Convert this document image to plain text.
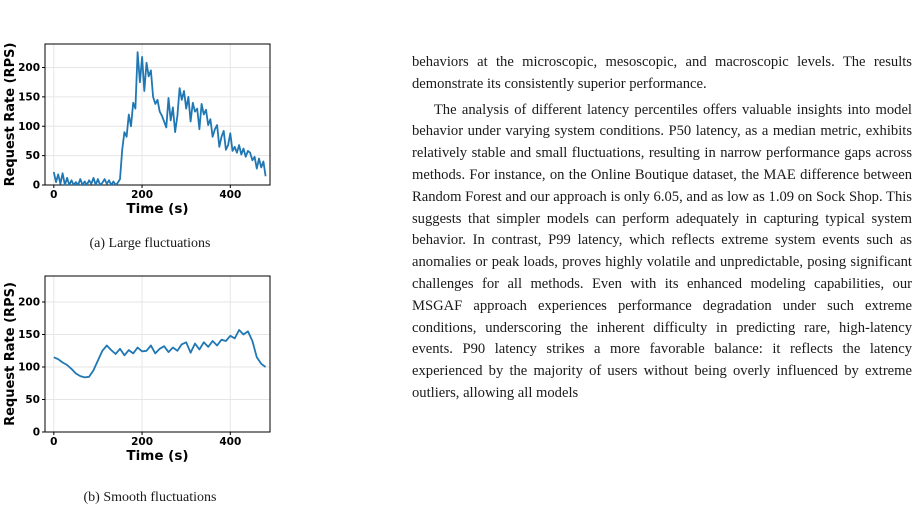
0	200	400
0
50
100
150
200
Time (s)
Request Rate (RPS)
(a) Large fluctuations
0	200	400
0
50
100
150
200
Time (s)
Request Rate (RPS)
(b) Smooth fluctuations

behaviors at the microscopic, mesoscopic, and macroscopic levels. The results demonstrate its consistently superior performance.

The analysis of different latency percentiles offers valuable insights into model behavior under varying system conditions. P50 latency, as a median metric, exhibits relatively stable and small fluctuations, resulting in narrow performance gaps across methods. For instance, on the Online Boutique dataset, the MAE difference between Random Forest and our approach is only 6.05, and as low as 1.09 on Sock Shop. This suggests that simpler models can perform adequately in capturing typical system behavior. In contrast, P99 latency, which reflects extreme system events such as anomalies or peak loads, proves highly volatile and unpredictable, posing significant challenges for all methods. Even with its enhanced modeling capabilities, our MSGAF approach experiences performance degradation under such extreme conditions, underscoring the inherent difficulty in predicting rare, high-latency events. P90 latency strikes a more favorable balance: it reflects the latency experienced by the majority of users without being overly influenced by extreme outliers, allowing all models
